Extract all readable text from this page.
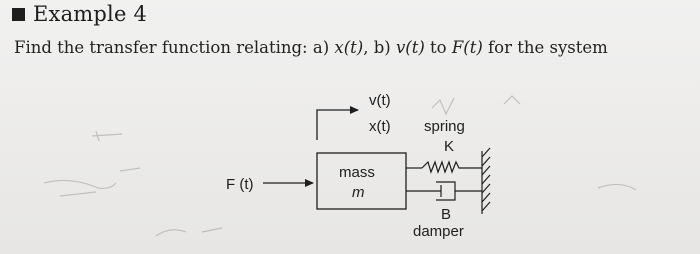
Example 4
Find the transfer function relating: a) x(t), b) v(t) to F(t) for the system
v(t)
x(t)
F (t)
mass
m
spring
K
B
damper
